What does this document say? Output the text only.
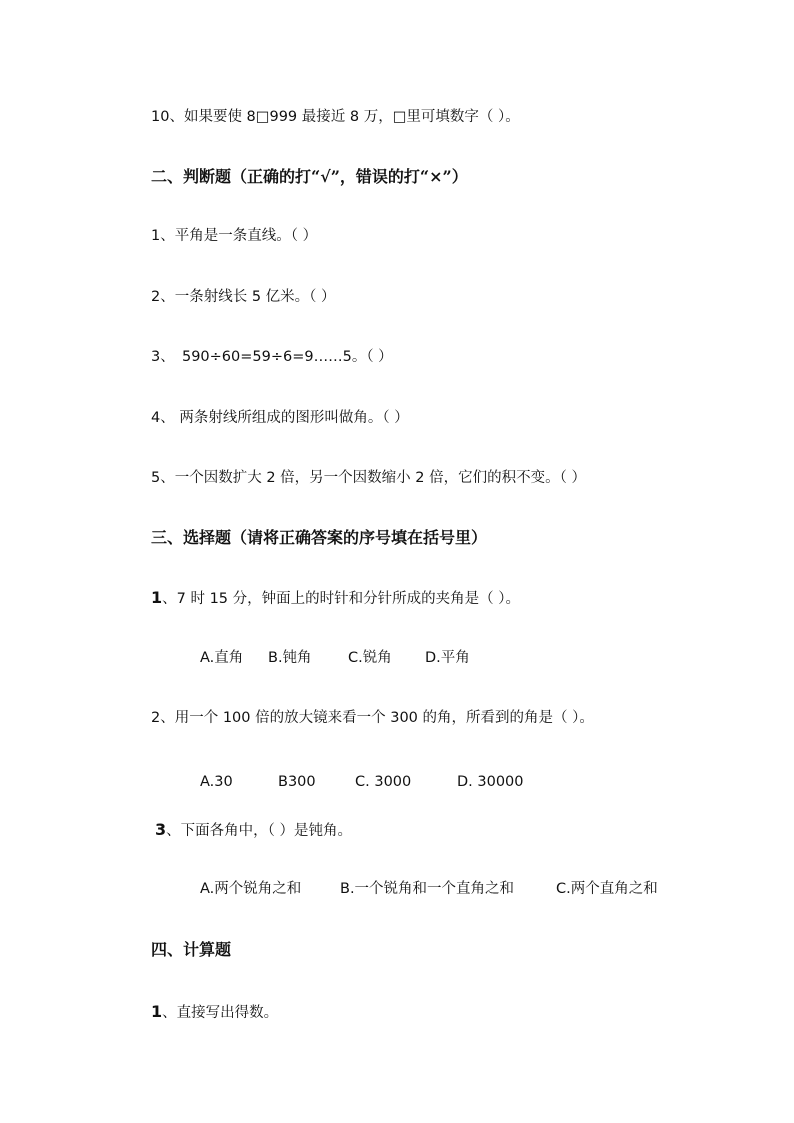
10、如果要使 8□999 最接近 8 万，□里可填数字（ ）。
二、判断题（正确的打“√”，错误的打“×”）
1、平角是一条直线。（ ）
2、一条射线长 5 亿米。（ ）
3、　590÷60=59÷6=9……5。（ ）
4、 两条射线所组成的图形叫做角。（ ）
5、一个因数扩大 2 倍，另一个因数缩小 2 倍，它们的积不变。（ ）
三、选择题（请将正确答案的序号填在括号里）
1、7 时 15 分，钟面上的时针和分针所成的夹角是（ ）。
A.直角 B.钝角	C.锐角 D.平角
2、用一个 100 倍的放大镜来看一个 300 的角，所看到的角是（ ）。
A.30	B300	C. 3000	D. 30000
3、下面各角中，（ ）是钝角。
A.两个锐角之和	B.一个锐角和一个直角之和	C.两个直角之和
四、计算题
1、直接写出得数。
